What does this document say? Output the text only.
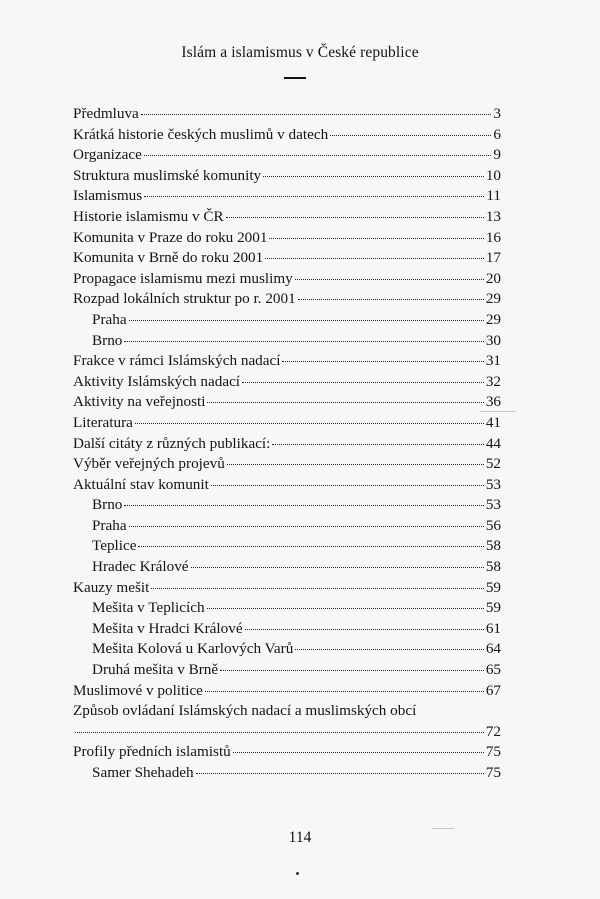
Islám a islamismus v České republice
Předmluva	3
Krátká historie českých muslimů v datech	6
Organizace	9
Struktura muslimské komunity	10
Islamismus	11
Historie islamismu v ČR	13
Komunita v Praze do roku 2001	16
Komunita v Brně do roku 2001	17
Propagace islamismu mezi muslimy	20
Rozpad lokálních struktur po r. 2001	29
Praha	29
Brno	30
Frakce v rámci Islámských nadací	31
Aktivity Islámských nadací	32
Aktivity na veřejnosti	36
Literatura	41
Další citáty z různých publikací:	44
Výběr veřejných projevů	52
Aktuální stav komunit	53
Brno	53
Praha	56
Teplice	58
Hradec Králové	58
Kauzy mešit	59
Mešita v Teplicích	59
Mešita v Hradci Králové	61
Mešita Kolová u Karlových Varů	64
Druhá mešita v Brně	65
Muslimové v politice	67
Způsob ovládaní Islámských nadací a muslimských obcí
72
Profily předních islamistů	75
Samer Shehadeh	75
114
